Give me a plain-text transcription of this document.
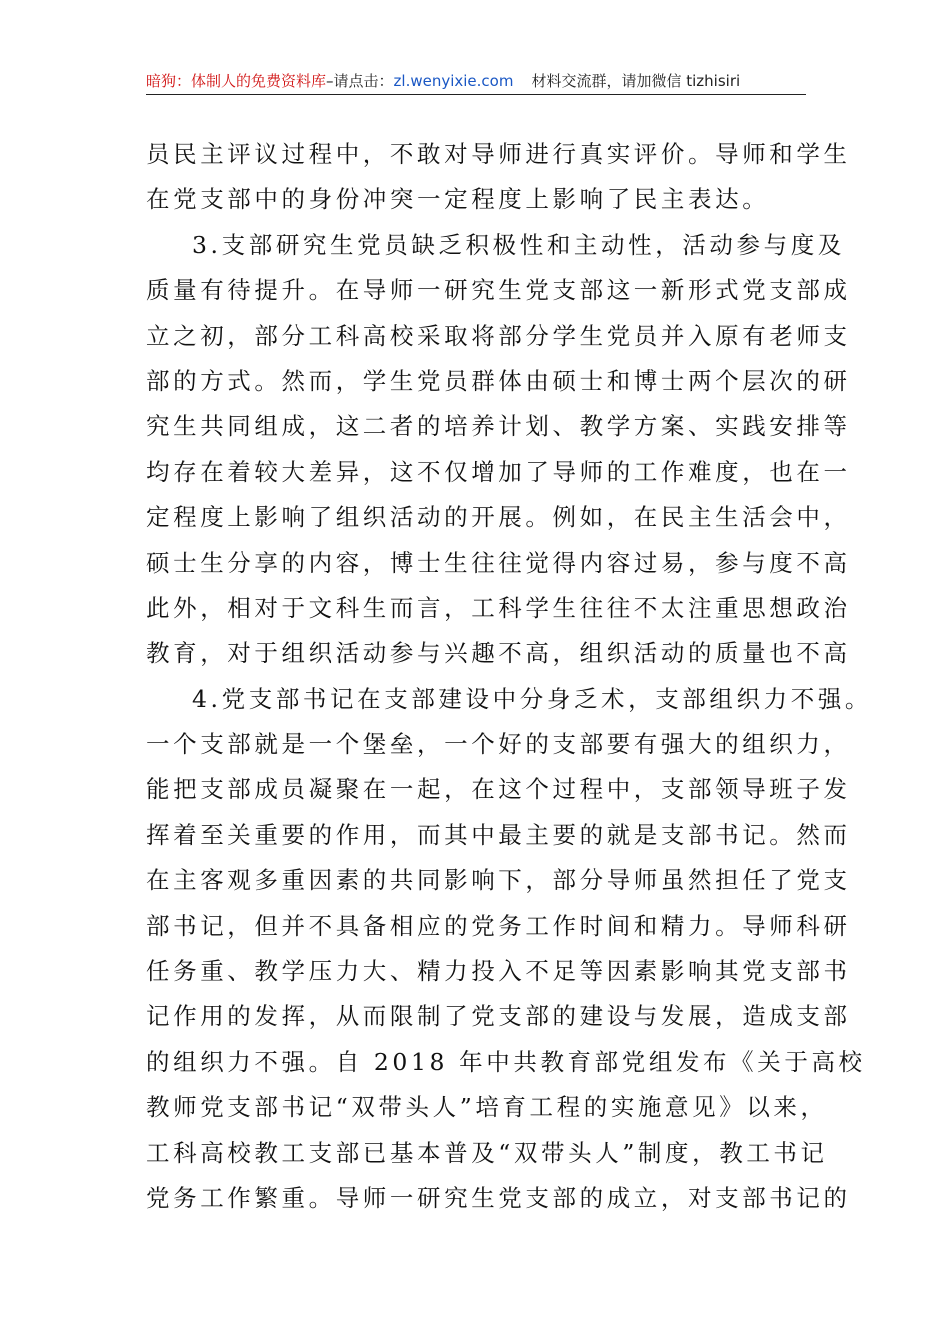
暗狗：体制人的免费资料库–请点击：zl.wenyixie.com 材料交流群，请加微信 tizhisiri
员民主评议过程中，不敢对导师进行真实评价。导师和学生
在党支部中的身份冲突一定程度上影响了民主表达。
3.支部研究生党员缺乏积极性和主动性，活动参与度及
质量有待提升。在导师一研究生党支部这一新形式党支部成
立之初，部分工科高校采取将部分学生党员并入原有老师支
部的方式。然而，学生党员群体由硕士和博士两个层次的研
究生共同组成，这二者的培养计划、教学方案、实践安排等
均存在着较大差异，这不仅增加了导师的工作难度，也在一
定程度上影响了组织活动的开展。例如，在民主生活会中，
硕士生分享的内容，博士生往往觉得内容过易，参与度不高
此外，相对于文科生而言，工科学生往往不太注重思想政治
教育，对于组织活动参与兴趣不高，组织活动的质量也不高
4.党支部书记在支部建设中分身乏术，支部组织力不强。
一个支部就是一个堡垒，一个好的支部要有强大的组织力，
能把支部成员凝聚在一起，在这个过程中，支部领导班子发
挥着至关重要的作用，而其中最主要的就是支部书记。然而
在主客观多重因素的共同影响下，部分导师虽然担任了党支
部书记，但并不具备相应的党务工作时间和精力。导师科研
任务重、教学压力大、精力投入不足等因素影响其党支部书
记作用的发挥，从而限制了党支部的建设与发展，造成支部
的组织力不强。自 2018 年中共教育部党组发布《关于高校
教师党支部书记“双带头人”培育工程的实施意见》以来，
工科高校教工支部已基本普及“双带头人”制度，教工书记
党务工作繁重。导师一研究生党支部的成立，对支部书记的
